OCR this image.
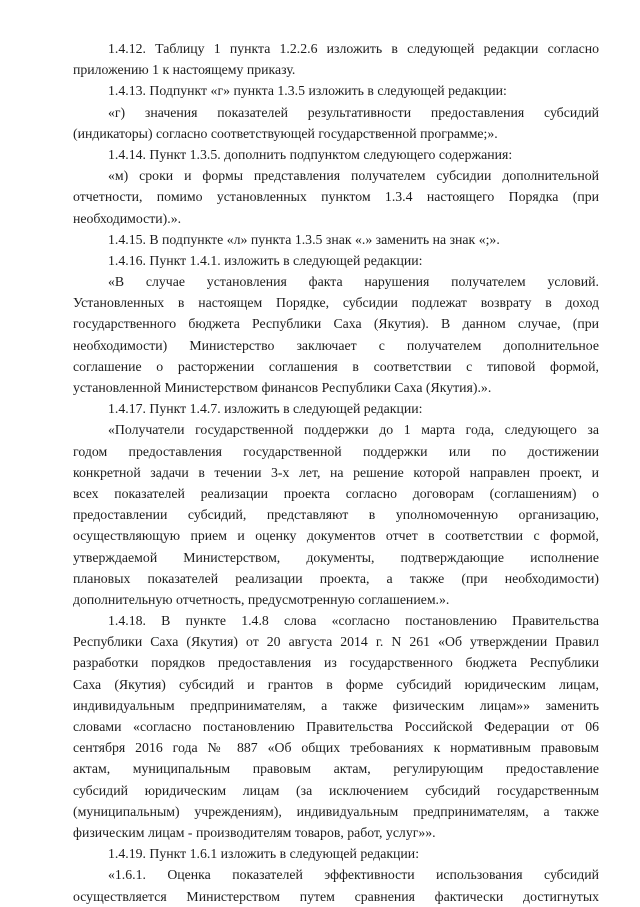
1.4.12. Таблицу 1 пункта 1.2.2.6 изложить в следующей редакции согласно
приложению 1 к настоящему приказу.
1.4.13. Подпункт «г» пункта 1.3.5 изложить в следующей редакции:
«г) значения показателей результативности предоставления субсидий
(индикаторы) согласно соответствующей государственной программе;».
1.4.14. Пункт 1.3.5. дополнить подпунктом следующего содержания:
«м) сроки и формы представления получателем субсидии дополнительной
отчетности, помимо установленных пунктом 1.3.4 настоящего Порядка (при
необходимости).».
1.4.15. В подпункте «л» пункта 1.3.5 знак «.» заменить на знак «;».
1.4.16. Пункт 1.4.1. изложить в следующей редакции:
«В случае установления факта нарушения получателем условий.
Установленных в настоящем Порядке, субсидии подлежат возврату в доход
государственного бюджета Республики Саха (Якутия). В данном случае, (при
необходимости) Министерство заключает с получателем дополнительное
соглашение о расторжении соглашения в соответствии с типовой формой,
установленной Министерством финансов Республики Саха (Якутия).».
1.4.17. Пункт 1.4.7. изложить в следующей редакции:
«Получатели государственной поддержки до 1 марта года, следующего за
годом предоставления государственной поддержки или по достижении
конкретной задачи в течении 3-х лет, на решение которой направлен проект, и
всех показателей реализации проекта согласно договорам (соглашениям) о
предоставлении субсидий, представляют в уполномоченную организацию,
осуществляющую прием и оценку документов отчет в соответствии с формой,
утверждаемой Министерством, документы, подтверждающие исполнение
плановых показателей реализации проекта, а также (при необходимости)
дополнительную отчетность, предусмотренную соглашением.».
1.4.18. В пункте 1.4.8 слова «согласно постановлению Правительства
Республики Саха (Якутия) от 20 августа 2014 г. N 261 «Об утверждении Правил
разработки порядков предоставления из государственного бюджета Республики
Саха (Якутия) субсидий и грантов в форме субсидий юридическим лицам,
индивидуальным предпринимателям, а также физическим лицам»» заменить
словами «согласно постановлению Правительства Российской Федерации от 06
сентября 2016 года № 887 «Об общих требованиях к нормативным правовым
актам, муниципальным правовым актам, регулирующим предоставление
субсидий юридическим лицам (за исключением субсидий государственным
(муниципальным) учреждениям), индивидуальным предпринимателям, а также
физическим лицам - производителям товаров, работ, услуг»».
1.4.19. Пункт 1.6.1 изложить в следующей редакции:
«1.6.1. Оценка показателей эффективности использования субсидий
осуществляется Министерством путем сравнения фактически достигнутых
